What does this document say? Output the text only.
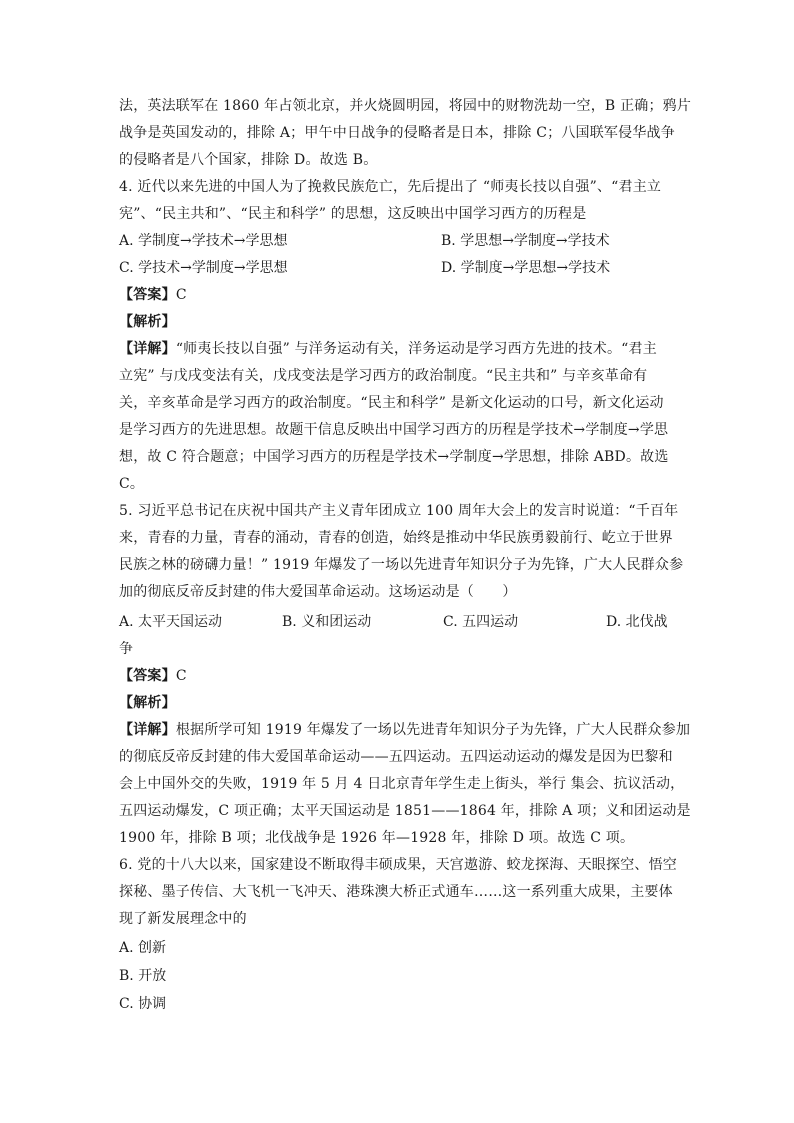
法，英法联军在 1860 年占领北京，并火烧圆明园，将园中的财物洗劫一空，B 正确；鸦片
战争是英国发动的，排除 A；甲午中日战争的侵略者是日本，排除 C；八国联军侵华战争
的侵略者是八个国家，排除 D。故选 B。
4. 近代以来先进的中国人为了挽救民族危亡，先后提出了 “师夷长技以自强”、“君主立
宪”、“民主共和”、“民主和科学” 的思想，这反映出中国学习西方的历程是
A. 学制度→学技术→学思想	B. 学思想→学制度→学技术
C. 学技术→学制度→学思想	D. 学制度→学思想→学技术
【答案】C
【解析】
【详解】“师夷长技以自强” 与洋务运动有关，洋务运动是学习西方先进的技术。“君主
立宪” 与戊戌变法有关，戊戌变法是学习西方的政治制度。“民主共和” 与辛亥革命有
关，辛亥革命是学习西方的政治制度。“民主和科学” 是新文化运动的口号，新文化运动
是学习西方的先进思想。故题干信息反映出中国学习西方的历程是学技术→学制度→学思
想，故 C 符合题意；中国学习西方的历程是学技术→学制度→学思想，排除 ABD。故选
C。
5. 习近平总书记在庆祝中国共产主义青年团成立 100 周年大会上的发言时说道：“千百年
来，青春的力量，青春的涌动，青春的创造，始终是推动中华民族勇毅前行、屹立于世界
民族之林的磅礴力量！” 1919 年爆发了一场以先进青年知识分子为先锋，广大人民群众参
加的彻底反帝反封建的伟大爱国革命运动。这场运动是（　　）
A. 太平天国运动	B. 义和团运动	C. 五四运动	D. 北伐战
争
【答案】C
【解析】
【详解】根据所学可知 1919 年爆发了一场以先进青年知识分子为先锋，广大人民群众参加
的彻底反帝反封建的伟大爱国革命运动——五四运动。五四运动运动的爆发是因为巴黎和
会上中国外交的失败，1919 年 5 月 4 日北京青年学生走上街头，举行 集会、抗议活动，
五四运动爆发，C 项正确；太平天国运动是 1851——1864 年，排除 A 项；义和团运动是
1900 年，排除 B 项；北伐战争是 1926 年—1928 年，排除 D 项。故选 C 项。
6. 党的十八大以来，国家建设不断取得丰硕成果，天宫遨游、蛟龙探海、天眼探空、悟空
探秘、墨子传信、大飞机一飞冲天、港珠澳大桥正式通车……这一系列重大成果，主要体
现了新发展理念中的
A. 创新
B. 开放
C. 协调
